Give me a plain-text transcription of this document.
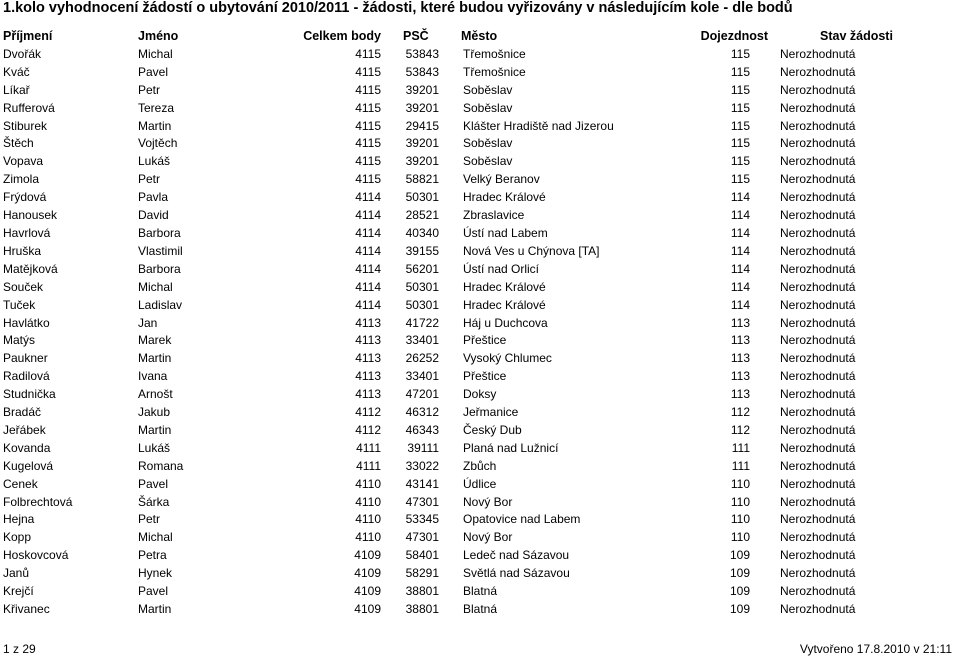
1.kolo vyhodnocení žádostí o ubytování 2010/2011 - žádosti, které budou vyřizovány v následujícím kole - dle bodů
Příjmení	Jméno	Celkem body	PSČ	Město	Dojezdnost	Stav žádosti
Dvořák	Michal	4115	53843	Třemošnice	115	Nerozhodnutá
Kváč	Pavel	4115	53843	Třemošnice	115	Nerozhodnutá
Líkař	Petr	4115	39201	Soběslav	115	Nerozhodnutá
Rufferová	Tereza	4115	39201	Soběslav	115	Nerozhodnutá
Stiburek	Martin	4115	29415	Klášter Hradiště nad Jizerou	115	Nerozhodnutá
Štěch	Vojtěch	4115	39201	Soběslav	115	Nerozhodnutá
Vopava	Lukáš	4115	39201	Soběslav	115	Nerozhodnutá
Zimola	Petr	4115	58821	Velký Beranov	115	Nerozhodnutá
Frýdová	Pavla	4114	50301	Hradec Králové	114	Nerozhodnutá
Hanousek	David	4114	28521	Zbraslavice	114	Nerozhodnutá
Havrlová	Barbora	4114	40340	Ústí nad Labem	114	Nerozhodnutá
Hruška	Vlastimil	4114	39155	Nová Ves u Chýnova [TA]	114	Nerozhodnutá
Matějková	Barbora	4114	56201	Ústí nad Orlicí	114	Nerozhodnutá
Souček	Michal	4114	50301	Hradec Králové	114	Nerozhodnutá
Tuček	Ladislav	4114	50301	Hradec Králové	114	Nerozhodnutá
Havlátko	Jan	4113	41722	Háj u Duchcova	113	Nerozhodnutá
Matýs	Marek	4113	33401	Přeštice	113	Nerozhodnutá
Paukner	Martin	4113	26252	Vysoký Chlumec	113	Nerozhodnutá
Radilová	Ivana	4113	33401	Přeštice	113	Nerozhodnutá
Studnička	Arnošt	4113	47201	Doksy	113	Nerozhodnutá
Bradáč	Jakub	4112	46312	Jeřmanice	112	Nerozhodnutá
Jeřábek	Martin	4112	46343	Český Dub	112	Nerozhodnutá
Kovanda	Lukáš	4111	39111	Planá nad Lužnicí	111	Nerozhodnutá
Kugelová	Romana	4111	33022	Zbůch	111	Nerozhodnutá
Cenek	Pavel	4110	43141	Údlice	110	Nerozhodnutá
Folbrechtová	Šárka	4110	47301	Nový Bor	110	Nerozhodnutá
Hejna	Petr	4110	53345	Opatovice nad Labem	110	Nerozhodnutá
Kopp	Michal	4110	47301	Nový Bor	110	Nerozhodnutá
Hoskovcová	Petra	4109	58401	Ledeč nad Sázavou	109	Nerozhodnutá
Janů	Hynek	4109	58291	Světlá nad Sázavou	109	Nerozhodnutá
Krejčí	Pavel	4109	38801	Blatná	109	Nerozhodnutá
Křivanec	Martin	4109	38801	Blatná	109	Nerozhodnutá
1 z 29	Vytvořeno 17.8.2010 v 21:11
